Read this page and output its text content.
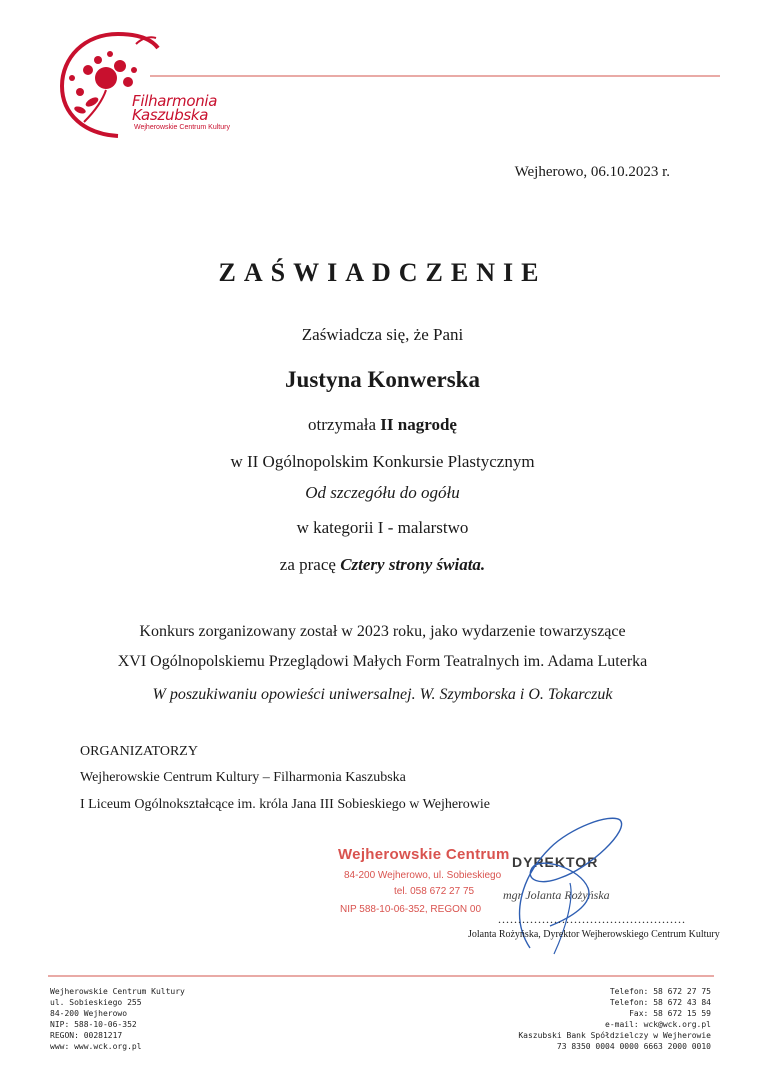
Filharmonia
Kaszubska
Wejherowskie Centrum Kultury
Wejherowo, 06.10.2023 r.
ZAŚWIADCZENIE
Zaświadcza się, że Pani
Justyna Konwerska
otrzymała II nagrodę
w II Ogólnopolskim Konkursie Plastycznym
Od szczegółu do ogółu
w kategorii I - malarstwo
za pracę Cztery strony świata.
Konkurs zorganizowany został w 2023 roku, jako wydarzenie towarzyszące
XVI Ogólnopolskiemu Przeglądowi Małych Form Teatralnych im. Adama Luterka
W poszukiwaniu opowieści uniwersalnej. W. Szymborska i O. Tokarczuk
ORGANIZATORZY
Wejherowskie Centrum Kultury – Filharmonia Kaszubska
I Liceum Ogólnokształcące im. króla Jana III Sobieskiego w Wejherowie
Wejherowskie Centrum
84-200 Wejherowo, ul. Sobieskiego
tel. 058 672 27 75
NIP 588-10-06-352, REGON 00
DYREKTOR
mgr Jolanta Rożyńska
...............................................
Jolanta Rożyńska, Dyrektor Wejherowskiego Centrum Kultury
Wejherowskie Centrum Kultury
ul. Sobieskiego 255
84-200 Wejherowo
NIP: 588-10-06-352
REGON: 00281217
www: www.wck.org.pl
Telefon: 58 672 27 75
Telefon: 58 672 43 84
Fax: 58 672 15 59
e-mail: wck@wck.org.pl
Kaszubski Bank Spółdzielczy w Wejherowie
73 8350 0004 0000 6663 2000 0010
